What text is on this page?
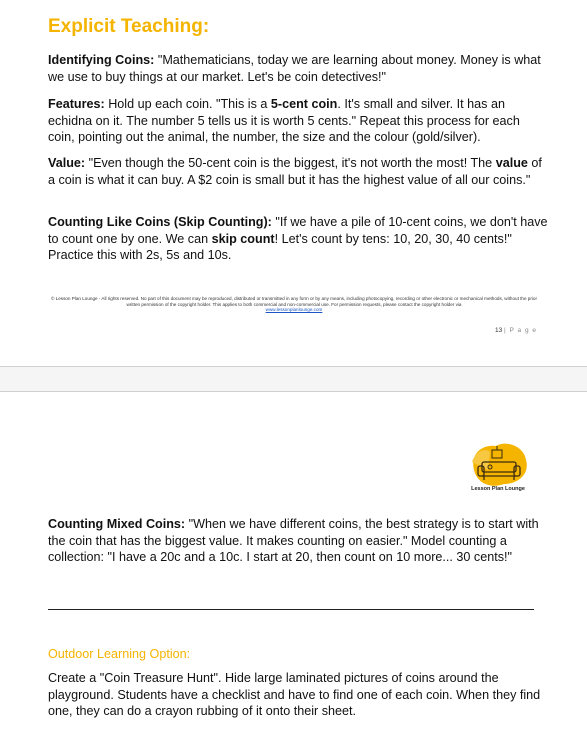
Explicit Teaching:

Identifying Coins: "Mathematicians, today we are learning about money. Money is what we use to buy things at our market. Let's be coin detectives!"

Features: Hold up each coin. "This is a 5-cent coin. It's small and silver. It has an echidna on it. The number 5 tells us it is worth 5 cents." Repeat this process for each coin, pointing out the animal, the number, the size and the colour (gold/silver).

Value: "Even though the 50-cent coin is the biggest, it's not worth the most! The value of a coin is what it can buy. A $2 coin is small but it has the highest value of all our coins."

Counting Like Coins (Skip Counting): "If we have a pile of 10-cent coins, we don't have to count one by one. We can skip count! Let's count by tens: 10, 20, 30, 40 cents!" Practice this with 2s, 5s and 10s.

© Lesson Plan Lounge - All rights reserved. No part of this document may be reproduced, distributed or transmitted in any form or by any means, including photocopying, recording or other electronic or mechanical methods, without the prior written permission of the copyright holder. This applies to both commercial and non-commercial use. For permission requests, please contact the copyright holder via
www.lessonplanlounge.com
13 | P a g e
Lesson Plan Lounge

Counting Mixed Coins: "When we have different coins, the best strategy is to start with the coin that has the biggest value. It makes counting on easier." Model counting a collection: "I have a 20c and a 10c. I start at 20, then count on 10 more... 30 cents!"

Outdoor Learning Option:

Create a "Coin Treasure Hunt". Hide large laminated pictures of coins around the playground. Students have a checklist and have to find one of each coin. When they find one, they can do a crayon rubbing of it onto their sheet.
